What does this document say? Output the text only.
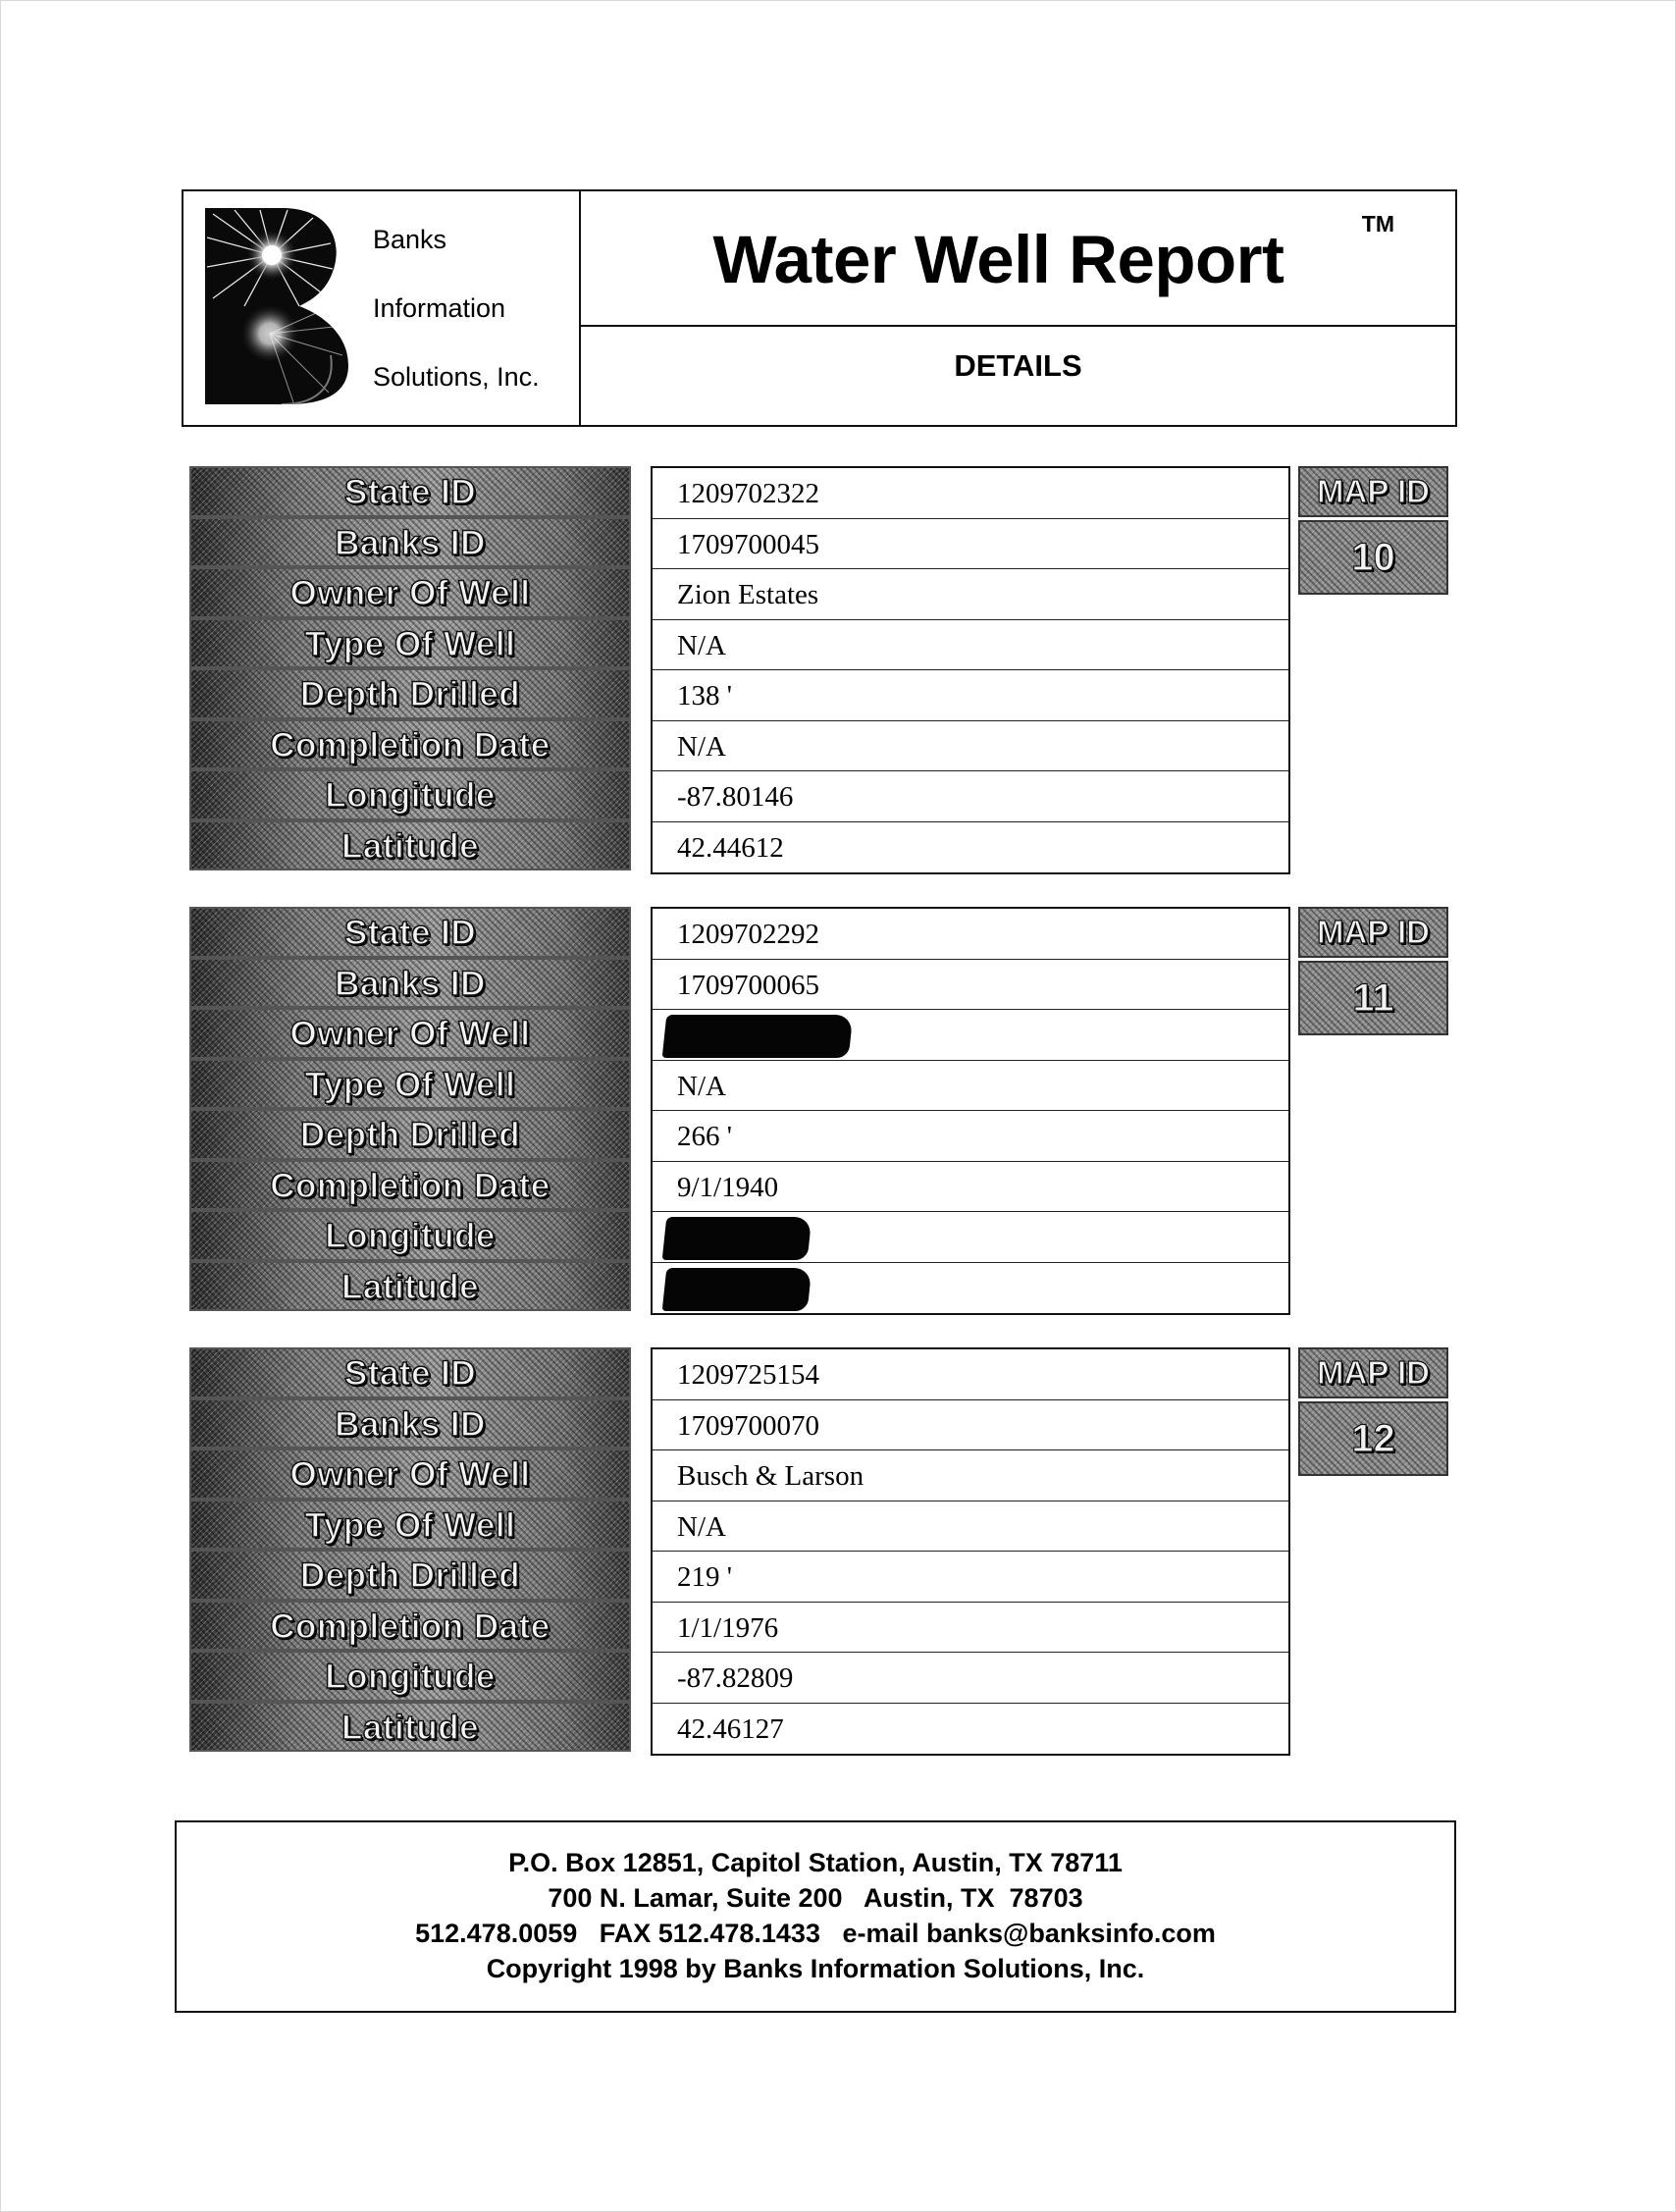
Banks
Information
Solutions, Inc.
Water Well Report	TM
DETAILS
State ID
Banks ID
Owner Of Well
Type Of Well
Depth Drilled
Completion Date
Longitude
Latitude
1209702322
1709700045
Zion Estates
N/A
138 '
N/A
-87.80146
42.44612
MAP ID
10
State ID
Banks ID
Owner Of Well
Type Of Well
Depth Drilled
Completion Date
Longitude
Latitude
1209702292
1709700065
N/A
266 '
9/1/1940
MAP ID
11
State ID
Banks ID
Owner Of Well
Type Of Well
Depth Drilled
Completion Date
Longitude
Latitude
1209725154
1709700070
Busch & Larson
N/A
219 '
1/1/1976
-87.82809
42.46127
MAP ID
12
P.O. Box 12851, Capitol Station, Austin, TX 78711
700 N. Lamar, Suite 200   Austin, TX  78703
512.478.0059   FAX 512.478.1433   e-mail banks@banksinfo.com
Copyright 1998 by Banks Information Solutions, Inc.
